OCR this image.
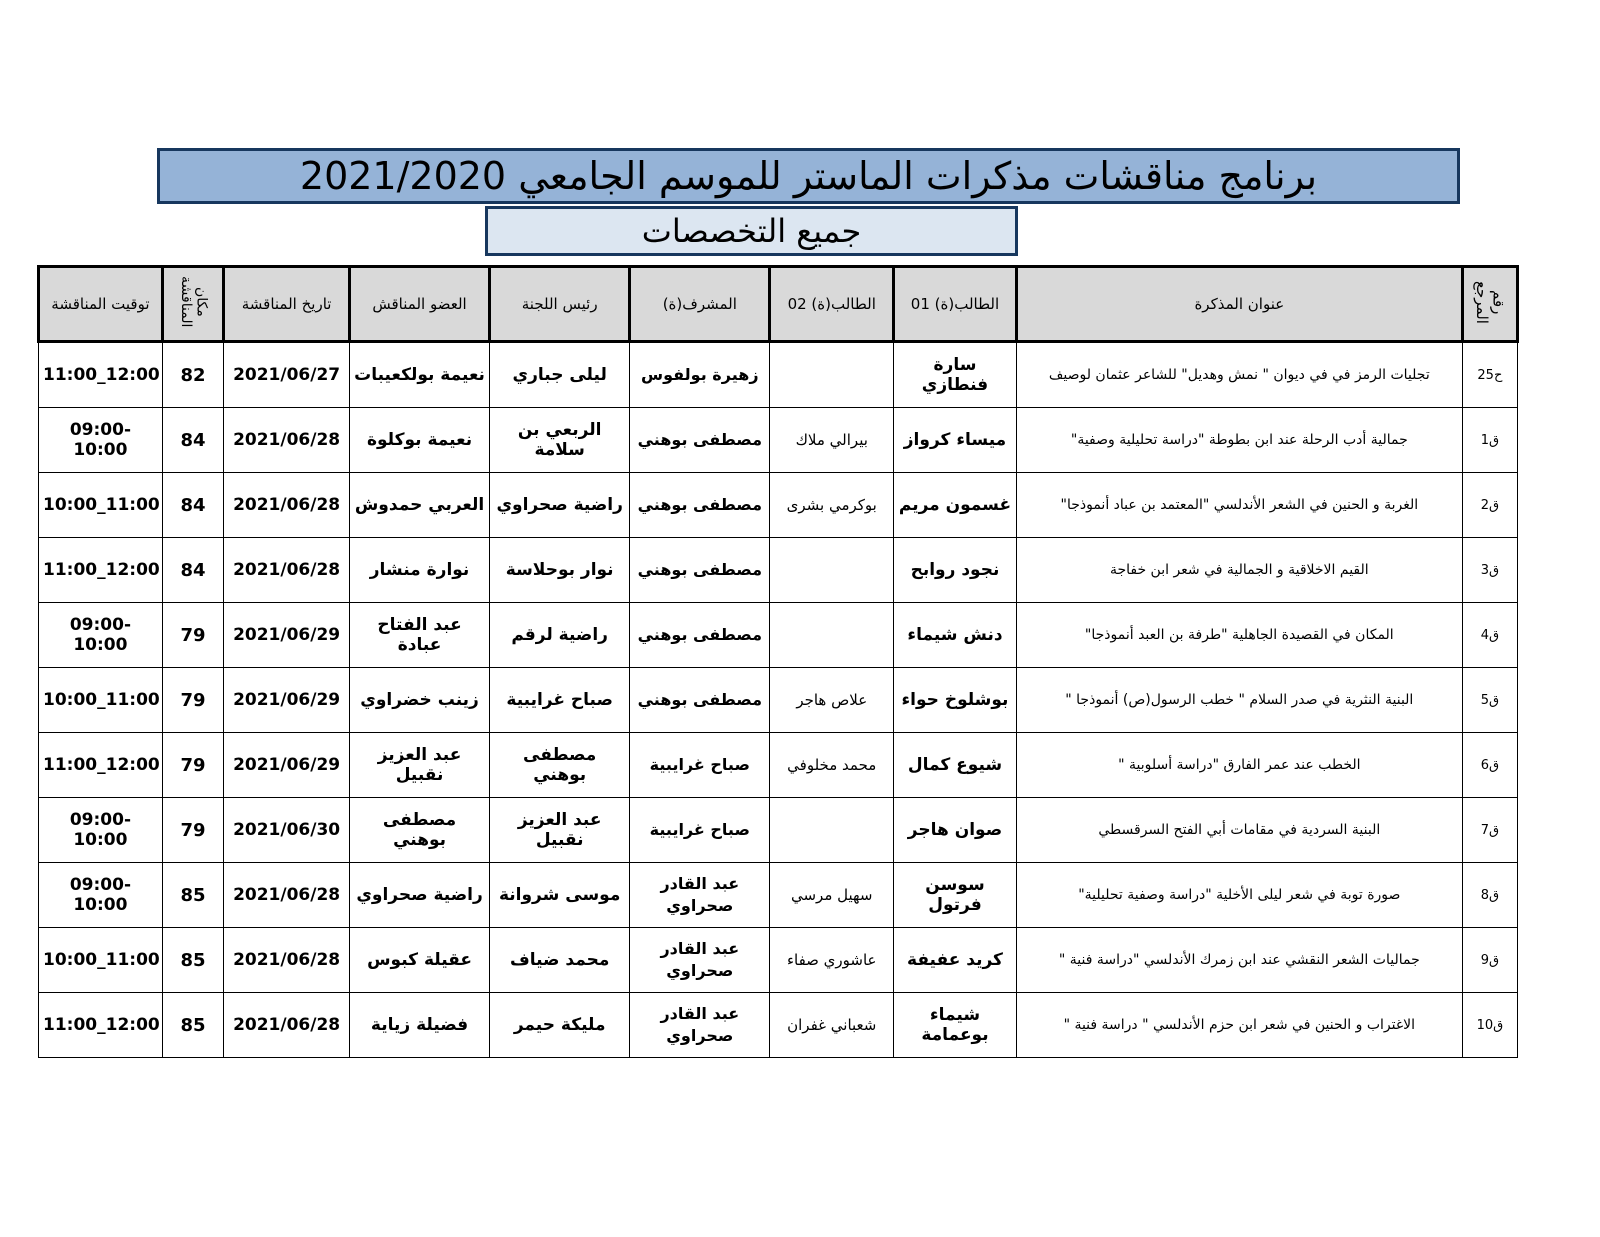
برنامج مناقشات مذكرات الماستر للموسم الجامعي 2021/2020
جميع التخصصات
رقم المرجع	عنوان المذكرة	الطالب(ة) 01	الطالب(ة) 02	المشرف(ة)	رئيس اللجنة	العضو المناقش	تاريخ المناقشة	مكان المناقشة	توقيت المناقشة
ح25	تجليات الرمز في في ديوان " نمش وهديل" للشاعر عثمان لوصيف	سارة فنطازي		زهيرة بولفوس	ليلى جباري	نعيمة بولكعيبات	2021/06/27	82	11:00_12:00
ق1	جمالية أدب الرحلة عند ابن بطوطة "دراسة تحليلية وصفية"	ميساء كرواز	بيرالي ملاك	مصطفى بوهني	الربعي بن سلامة	نعيمة بوكلوة	2021/06/28	84	09:00-10:00
ق2	الغربة و الحنين في الشعر الأندلسي "المعتمد بن عباد أنموذجا"	غسمون مريم	بوكرمي بشرى	مصطفى بوهني	راضية صحراوي	العربي حمدوش	2021/06/28	84	10:00_11:00
ق3	القيم الاخلاقية و الجمالية في شعر ابن خفاجة	نجود روابح		مصطفى بوهني	نوار بوحلاسة	نوارة منشار	2021/06/28	84	11:00_12:00
ق4	المكان في القصيدة الجاهلية "طرفة بن العبد أنموذجا"	دنش شيماء		مصطفى بوهني	راضية لرقم	عبد الفتاح عبادة	2021/06/29	79	09:00-10:00
ق5	البنية النثرية في صدر السلام " خطب الرسول(ص) أنموذجا "	بوشلوخ حواء	علاص هاجر	مصطفى بوهني	صباح غرايبية	زينب خضراوي	2021/06/29	79	10:00_11:00
ق6	الخطب عند عمر الفارق "دراسة أسلوبية "	شيوع كمال	محمد مخلوفي	صباح غرايبية	مصطفى بوهني	عبد العزيز نقبيل	2021/06/29	79	11:00_12:00
ق7	البنية السردية في مقامات أبي الفتح السرقسطي	صوان هاجر		صباح غرايبية	عبد العزيز نقبيل	مصطفى بوهني	2021/06/30	79	09:00-10:00
ق8	صورة توبة في شعر ليلى الأخلية "دراسة وصفية تحليلية"	سوسن فرتول	سهيل مرسي	عبد القادر صحراوي	موسى شروانة	راضية صحراوي	2021/06/28	85	09:00-10:00
ق9	جماليات الشعر النقشي عند ابن زمرك الأندلسي "دراسة فنية "	كريد عفيفة	عاشوري صفاء	عبد القادر صحراوي	محمد ضياف	عقيلة كبوس	2021/06/28	85	10:00_11:00
ق10	الاغتراب و الحنين في شعر ابن حزم الأندلسي " دراسة فنية "	شيماء بوعمامة	شعباني غفران	عبد القادر صحراوي	مليكة حيمر	فضيلة زياية	2021/06/28	85	11:00_12:00
